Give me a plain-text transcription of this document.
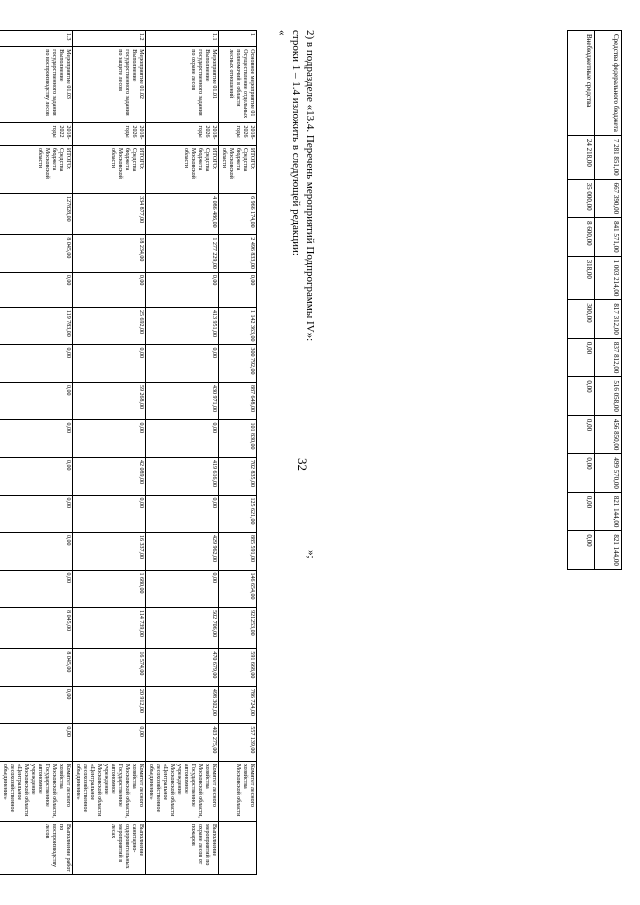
32
Средства федерального бюджета	7 281 851,00	667 390,00	841 571,00	1 003 214,00	817 312,00	837 812,00	516 058,00	456 850,00	499 570,00	821 144,00	821 144,00
Внебюджетные средства	24 218,00	35 000,00	8 600,00	318,00	300,00	0,00	0,00	0,00	0,00	0,00	0,00
2) в подразделе «13.4. Перечень мероприятий Подпрограммы IV»:
строки 1 – 1.4 изложить в следующей редакции:
«
1	Основное мероприятие 01 Осуществление отдельных полномочий в области лесных отношений	2018-2026 годы	ИТОГО: Средства бюджета Московской области	6 966 174,00	2 496 833,00	0,00	1 142 363,00	300 792,00	887 648,00	101 830,00	702 835,00	125 621,00	885 591,00	146 654,00	921253,00	591 668,00	786 724,00	557 139,00	Комитет лесного хозяйства Московской области	
1.1	Мероприятие 01.01 Выполнение государственного задания по охране лесов	2018-2026 годы	ИТОГО: Средства бюджета Московской области	4 086 486,00	1 277 229,00	0,00	413 951,00	0,00	430 971,00	0,00	419 616,00	0,00	429 962,00	0,00	502 706,00	470 679,00	498 302,00	403 275,00	Комитет лесного хозяйства Московской области, Государственное автономное учреждение Московской области «Центральное лесохозяйственное объединение»	Выполнение мероприятий по охране лесов от пожаров
1.2	Мероприятие 01.02 Выполнение государственного задания по защите лесов	2018-2026 годы	ИТОГО: Средства бюджета Московской области	334 877,00	18 234,00	0,00	25 692,00	0,00	59 268,00	0,00	42 089,00	0,00	16 337,00	1 680,00	114 739,00	16 574,00	20 912,00	0,00	Комитет лесного хозяйства Московской области, Государственное автономное учреждение Московской области «Центральное лесохозяйственное объединение»	Выполнение санитарно-оздоровительных мероприятий в лесах
1.3	Мероприятие 01.03 Выполнение государственного задания по воспроизводству лесов	2018-2022 годы	ИТОГО: Средства бюджета Московской области	127828,00	8 045,00	0,00	119 783,00	0,00	0,00	0,00	0,00	0,00	0,00	0,00	8 045,00	8 045,00	0,00	0,00	Комитет лесного хозяйства Московской области, Государственное автономное учреждение Московской области «Центральное лесохозяйственное объединение»	Выполнение работ по воспроизводству лесов

»;
